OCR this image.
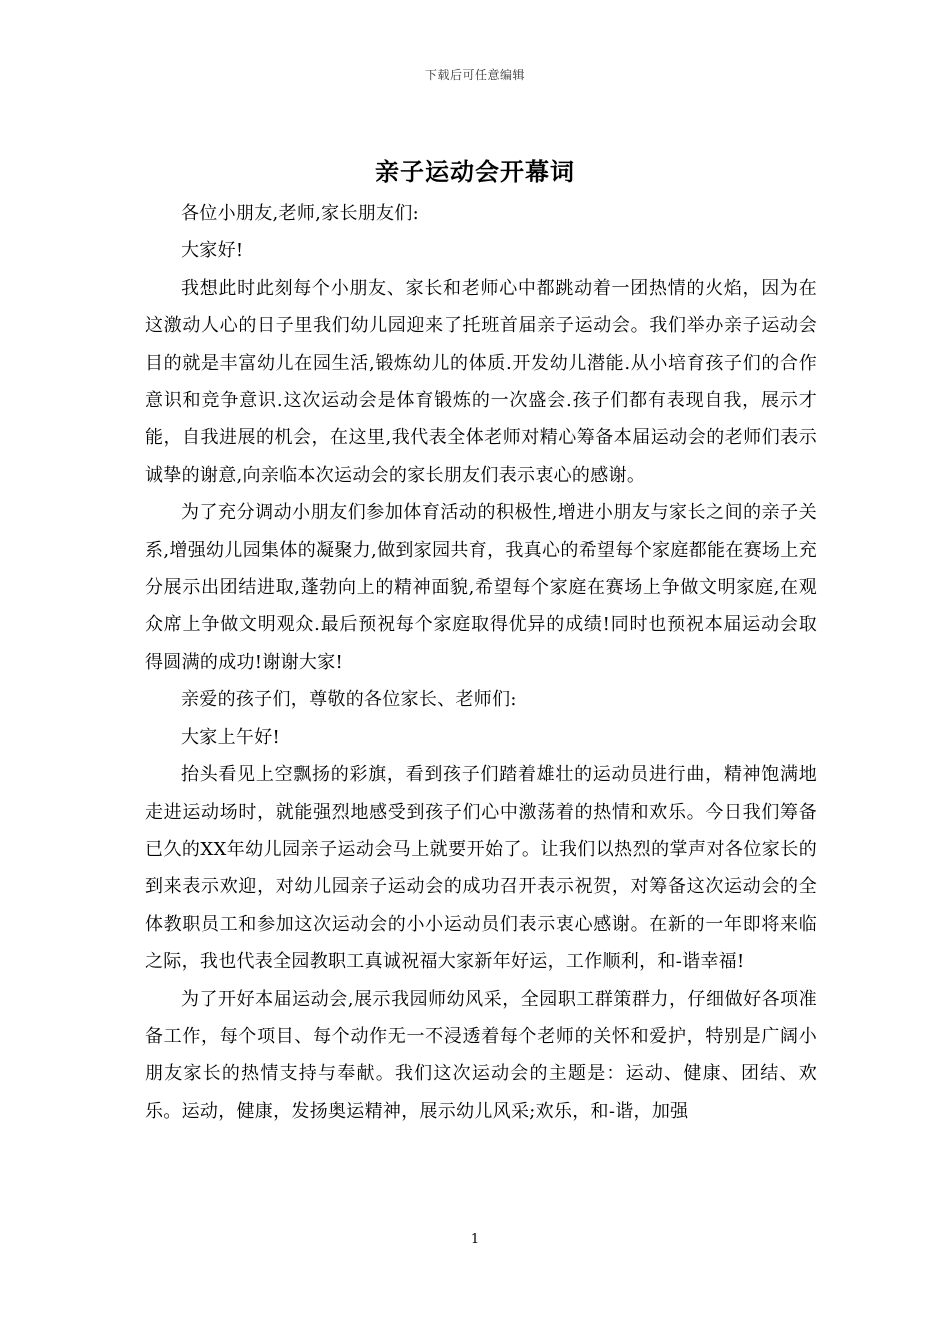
下载后可任意编辑
亲子运动会开幕词

各位小朋友,老师,家长朋友们:

大家好!

我想此时此刻每个小朋友、家长和老师心中都跳动着一团热情的火焰，因为在这激动人心的日子里我们幼儿园迎来了托班首届亲子运动会。我们举办亲子运动会目的就是丰富幼儿在园生活,锻炼幼儿的体质.开发幼儿潜能.从小培育孩子们的合作意识和竞争意识.这次运动会是体育锻炼的一次盛会.孩子们都有表现自我，展示才能，自我进展的机会，在这里,我代表全体老师对精心筹备本届运动会的老师们表示诚挚的谢意,向亲临本次运动会的家长朋友们表示衷心的感谢。

为了充分调动小朋友们参加体育活动的积极性,增进小朋友与家长之间的亲子关系,增强幼儿园集体的凝聚力,做到家园共育，我真心的希望每个家庭都能在赛场上充分展示出团结进取,蓬勃向上的精神面貌,希望每个家庭在赛场上争做文明家庭,在观众席上争做文明观众.最后预祝每个家庭取得优异的成绩!同时也预祝本届运动会取得圆满的成功!谢谢大家!

亲爱的孩子们，尊敬的各位家长、老师们:

大家上午好!

抬头看见上空飘扬的彩旗，看到孩子们踏着雄壮的运动员进行曲，精神饱满地走进运动场时，就能强烈地感受到孩子们心中激荡着的热情和欢乐。今日我们筹备已久的XX年幼儿园亲子运动会马上就要开始了。让我们以热烈的掌声对各位家长的到来表示欢迎，对幼儿园亲子运动会的成功召开表示祝贺，对筹备这次运动会的全体教职员工和参加这次运动会的小小运动员们表示衷心感谢。在新的一年即将来临之际，我也代表全园教职工真诚祝福大家新年好运，工作顺利，和-谐幸福!

为了开好本届运动会,展示我园师幼风采，全园职工群策群力，仔细做好各项准备工作，每个项目、每个动作无一不浸透着每个老师的关怀和爱护，特别是广阔小朋友家长的热情支持与奉献。我们这次运动会的主题是：运动、健康、团结、欢乐。运动，健康，发扬奥运精神，展示幼儿风采;欢乐，和-谐，加强

1
